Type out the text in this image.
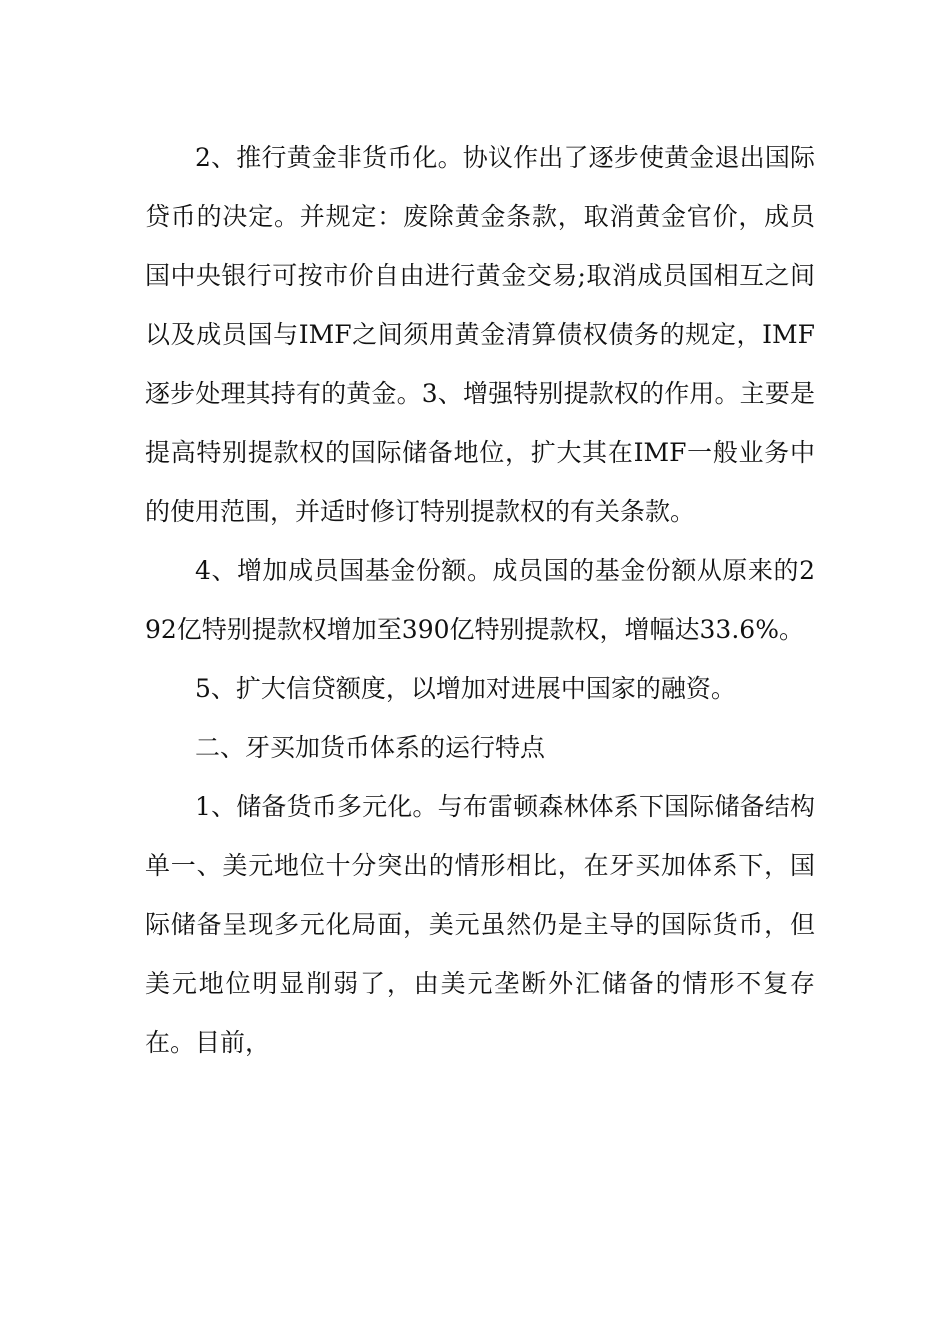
2、推行黄金非货币化。协议作出了逐步使黄金退出国际贷币的决定。并规定：废除黄金条款，取消黄金官价，成员国中央银行可按市价自由进行黄金交易;取消成员国相互之间以及成员国与IMF之间须用黄金清算债权债务的规定，IMF逐步处理其持有的黄金。3、增强特别提款权的作用。主要是提高特别提款权的国际储备地位，扩大其在IMF一般业务中的使用范围，并适时修订特别提款权的有关条款。

4、增加成员国基金份额。成员国的基金份额从原来的292亿特别提款权增加至390亿特别提款权，增幅达33.6%。

5、扩大信贷额度，以增加对进展中国家的融资。

二、牙买加货币体系的运行特点

1、储备货币多元化。与布雷顿森林体系下国际储备结构单一、美元地位十分突出的情形相比，在牙买加体系下，国际储备呈现多元化局面，美元虽然仍是主导的国际货币，但美元地位明显削弱了，由美元垄断外汇储备的情形不复存在。目前，
